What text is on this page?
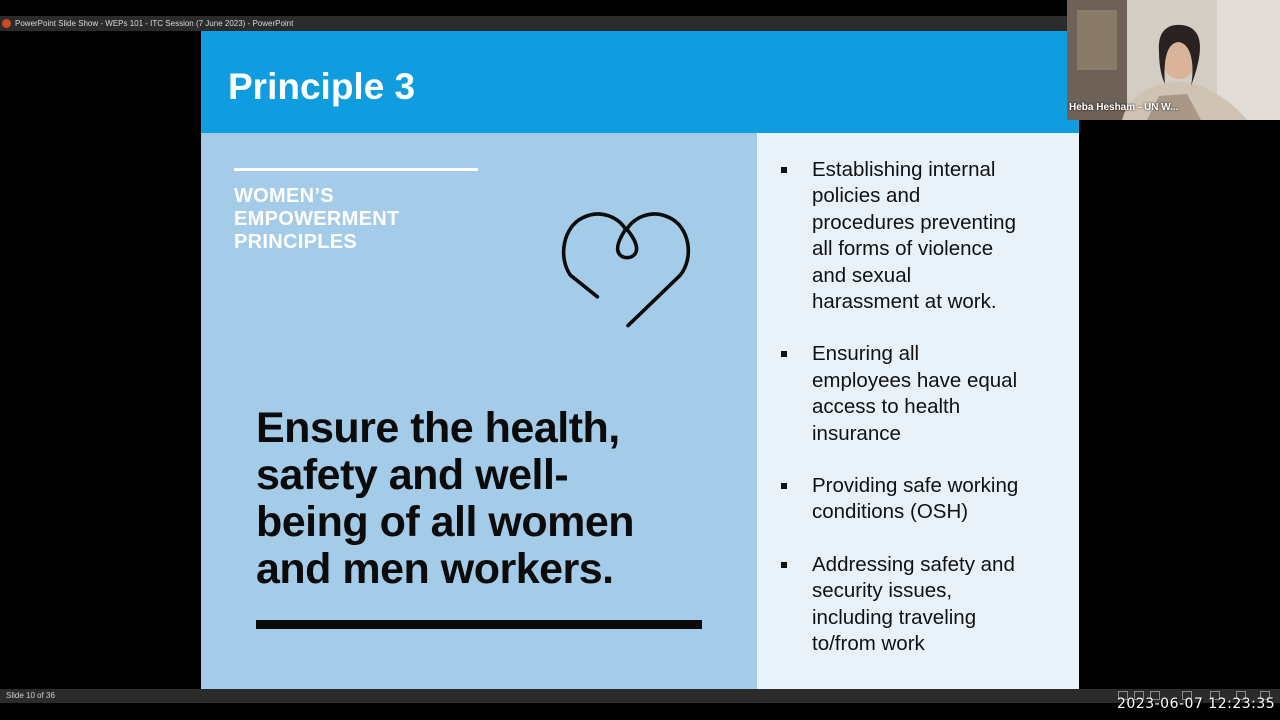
PowerPoint Slide Show - WEPs 101 - ITC Session (7 June 2023) - PowerPoint
Principle 3
WOMEN’S
EMPOWERMENT
PRINCIPLES
Ensure the health,
safety and well-
being of all women
and men workers.
Establishing internal
policies and
procedures preventing
all forms of violence
and sexual
harassment at work.
Ensuring all
employees have equal
access to health
insurance
Providing safe working
conditions (OSH)
Addressing safety and
security issues,
including traveling
to/from work
Heba Hesham - UN W...
Slide 10 of 36
2023-06-07 12:23:35
